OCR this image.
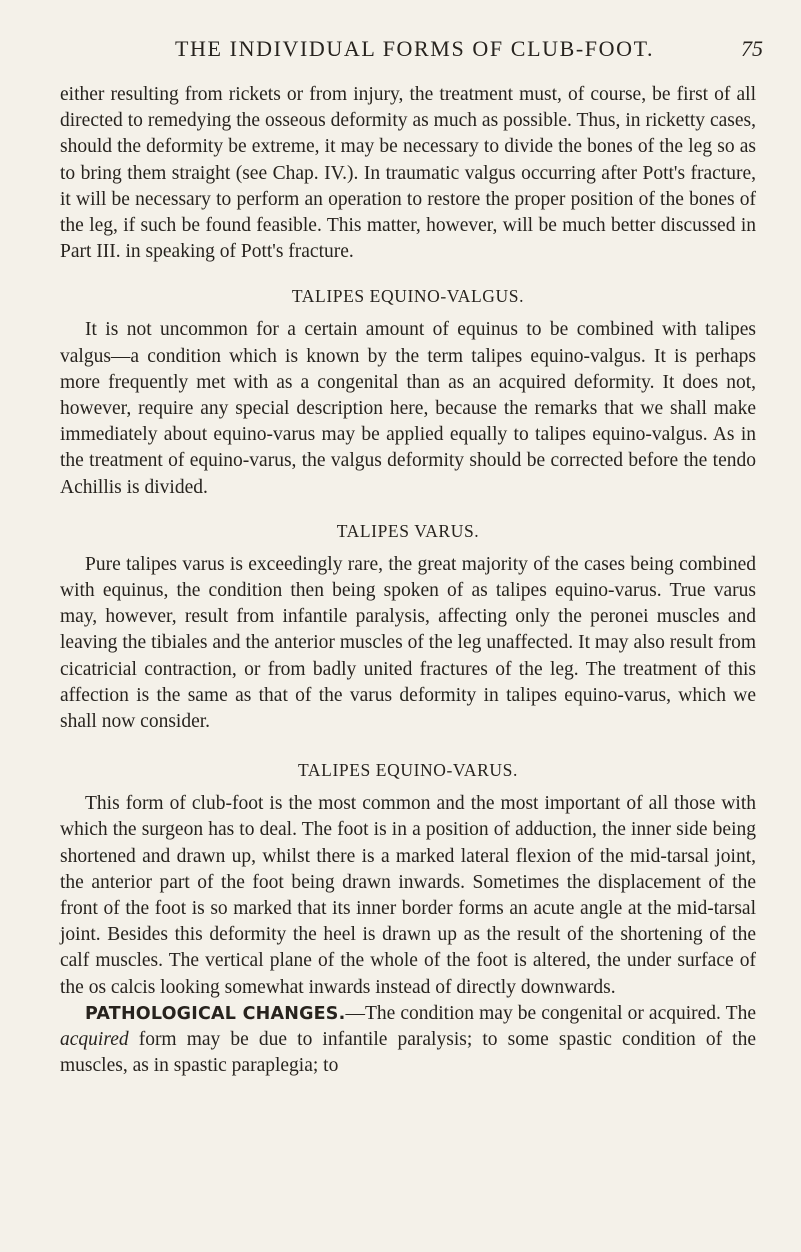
THE INDIVIDUAL FORMS OF CLUB-FOOT.	75

either resulting from rickets or from injury, the treatment must, of course, be first of all directed to remedying the osseous deformity as much as possible. Thus, in ricketty cases, should the deformity be extreme, it may be necessary to divide the bones of the leg so as to bring them straight (see Chap. IV.). In traumatic valgus occurring after Pott's fracture, it will be necessary to perform an operation to restore the proper position of the bones of the leg, if such be found feasible. This matter, however, will be much better discussed in Part III. in speaking of Pott's fracture.

TALIPES EQUINO-VALGUS.

It is not uncommon for a certain amount of equinus to be combined with talipes valgus—a condition which is known by the term talipes equino-valgus. It is perhaps more frequently met with as a congenital than as an acquired deformity. It does not, however, require any special description here, because the remarks that we shall make immediately about equino-varus may be applied equally to talipes equino-valgus. As in the treatment of equino-varus, the valgus deformity should be corrected before the tendo Achillis is divided.

TALIPES VARUS.

Pure talipes varus is exceedingly rare, the great majority of the cases being combined with equinus, the condition then being spoken of as talipes equino-varus. True varus may, however, result from infantile paralysis, affecting only the peronei muscles and leaving the tibiales and the anterior muscles of the leg unaffected. It may also result from cicatricial contraction, or from badly united fractures of the leg. The treatment of this affection is the same as that of the varus deformity in talipes equino-varus, which we shall now consider.

TALIPES EQUINO-VARUS.

This form of club-foot is the most common and the most important of all those with which the surgeon has to deal. The foot is in a position of adduction, the inner side being shortened and drawn up, whilst there is a marked lateral flexion of the mid-tarsal joint, the anterior part of the foot being drawn inwards. Sometimes the displacement of the front of the foot is so marked that its inner border forms an acute angle at the mid-tarsal joint. Besides this deformity the heel is drawn up as the result of the shortening of the calf muscles. The vertical plane of the whole of the foot is altered, the under surface of the os calcis looking somewhat inwards instead of directly downwards.

PATHOLOGICAL CHANGES.—The condition may be congenital or acquired. The acquired form may be due to infantile paralysis; to some spastic condition of the muscles, as in spastic paraplegia; to
